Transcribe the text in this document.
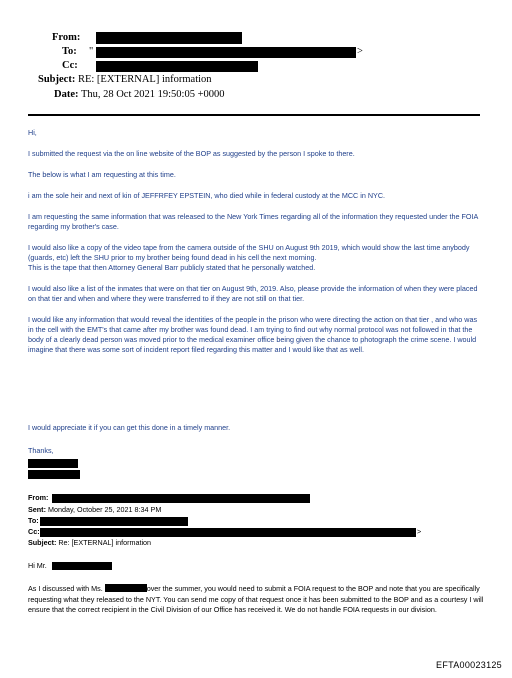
From:
To: "	>
Cc:
Subject: RE: [EXTERNAL] information
Date: Thu, 28 Oct 2021 19:50:05 +0000

Hi,

I submitted the request via the on line website of the BOP as suggested by the person I spoke to there.

The below is what I am requesting at this time.

i am the sole heir and next of kin of JEFFRFEY EPSTEIN, who died while in federal custody at the MCC in NYC.

I am requesting the same information that was released to the New York Times regarding all of the information they requested under the FOIA regarding my brother's case.

I would also like a copy of the video tape from the camera outside of the SHU on August 9th 2019, which would show the last time anybody (guards, etc) left the SHU prior to my brother being found dead in his cell the next morning.

This is the tape that then Attorney General Barr publicly stated that he personally watched.

I would also like a list of the inmates that were on that tier on August 9th, 2019. Also, please provide the information of when they were placed on that tier and when and where they were transferred to if they are not still on that tier.

I would like any information that would reveal the identities of the people in the prison who were directing the action on that tier , and who was in the cell with the EMT's that came after my brother was found dead. I am trying to find out why normal protocol was not followed in that the body of a clearly dead person was moved prior to the medical examiner office being given the chance to photograph the crime scene. I would imagine that there was some sort of incident report filed regarding this matter and I would like that as well.

I would appreciate it if you can get this done in a timely manner.

Thanks,

From:
Sent: Monday, October 25, 2021 8:34 PM
To:
Cc:	>
Subject: Re: [EXTERNAL] information
Hi Mr.

As I discussed with Ms.	over the summer, you would need to submit a FOIA request to the BOP and note that you are specifically requesting what they released to the NYT. You can send me copy of that request once it has been submitted to the BOP and as a courtesy I will ensure that the correct recipient in the Civil Division of our Office has received it. We do not handle FOIA requests in our division.

EFTA00023125
